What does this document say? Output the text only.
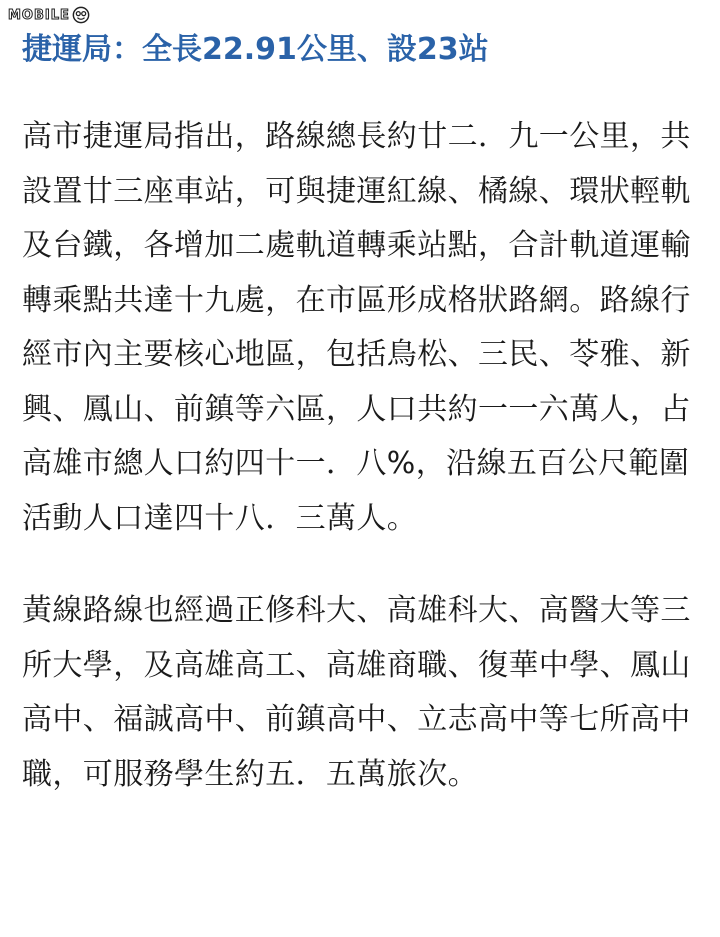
MOBILE
捷運局：全長22.91公里、設23站

高市捷運局指出，路線總長約廿二．九一公里，共設置廿三座車站，可與捷運紅線、橘線、環狀輕軌及台鐵，各增加二處軌道轉乘站點，合計軌道運輸轉乘點共達十九處，在市區形成格狀路網。路線行經市內主要核心地區，包括鳥松、三民、苓雅、新興、鳳山、前鎮等六區，人口共約一一六萬人，占高雄市總人口約四十一．八%，沿線五百公尺範圍活動人口達四十八．三萬人。

黃線路線也經過正修科大、高雄科大、高醫大等三所大學，及高雄高工、高雄商職、復華中學、鳳山高中、福誠高中、前鎮高中、立志高中等七所高中職，可服務學生約五．五萬旅次。
